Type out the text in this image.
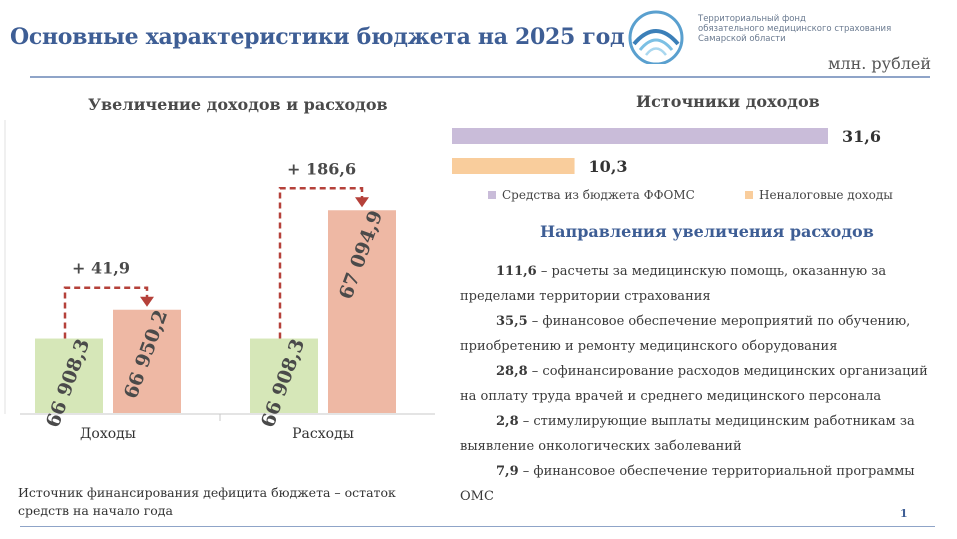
Основные характеристики бюджета на 2025 год
Территориальный фонд
обязательного медицинского страхования
Самарской области
млн. рублей
Увеличение доходов и расходов
66 908,3 66 950,2
+ 41,9
Доходы
66 908,3
67 094,9
+ 186,6
Расходы
Источник финансирования дефицита бюджета – остаток средств на начало года
Источники доходов
31,6
10,3
Средства из бюджета ФФОМС	Неналоговые доходы
Направления увеличения расходов
111,6 – расчеты за медицинскую помощь, оказанную за пределами территории страхования
35,5 – финансовое обеспечение мероприятий по обучению, приобретению и ремонту медицинского оборудования
28,8 – софинансирование расходов медицинских организаций на оплату труда врачей и среднего медицинского персонала
2,8 – стимулирующие выплаты медицинским работникам за выявление онкологических заболеваний
7,9 – финансовое обеспечение территориальной программы ОМС
1
